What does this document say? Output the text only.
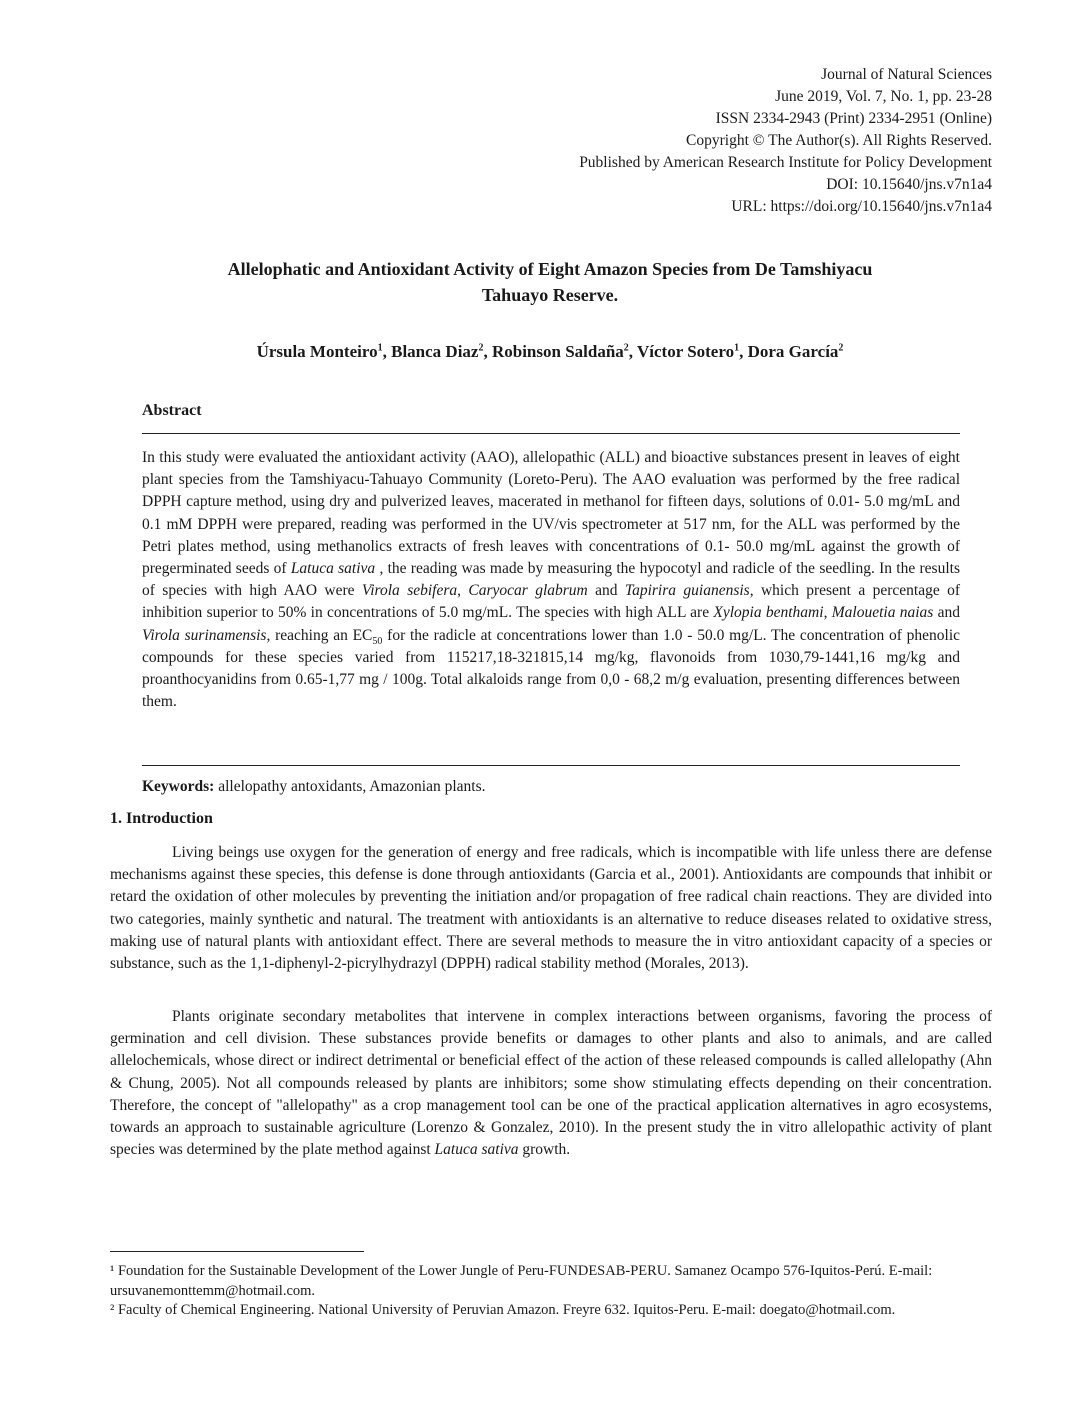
Journal of Natural Sciences
June 2019, Vol. 7, No. 1, pp. 23-28
ISSN 2334-2943 (Print) 2334-2951 (Online)
Copyright © The Author(s). All Rights Reserved.
Published by American Research Institute for Policy Development
DOI: 10.15640/jns.v7n1a4
URL: https://doi.org/10.15640/jns.v7n1a4
Allelophatic and Antioxidant Activity of Eight Amazon Species from De Tamshiyacu
Tahuayo Reserve.
Úrsula Monteiro$^1$, Blanca Diaz$^2$, Robinson Saldaña$^2$, Víctor Sotero$^1$, Dora García$^2$
Abstract
In this study were evaluated the antioxidant activity (AAO), allelopathic (ALL) and bioactive substances present in leaves of eight plant species from the Tamshiyacu-Tahuayo Community (Loreto-Peru). The AAO evaluation was performed by the free radical DPPH capture method, using dry and pulverized leaves, macerated in methanol for fifteen days, solutions of 0.01- 5.0 mg/mL and 0.1 mM DPPH were prepared, reading was performed in the UV/vis spectrometer at 517 nm, for the ALL was performed by the Petri plates method, using methanolics extracts of fresh leaves with concentrations of 0.1- 50.0 mg/mL against the growth of pregerminated seeds of Latuca sativa , the reading was made by measuring the hypocotyl and radicle of the seedling. In the results of species with high AAO were Virola sebifera, Caryocar glabrum and Tapirira guianensis, which present a percentage of inhibition superior to 50% in concentrations of 5.0 mg/mL. The species with high ALL are Xylopia benthami, Malouetia naias and Virola surinamensis, reaching an $EC_{50}$ for the radicle at concentrations lower than 1.0 - 50.0 mg/L. The concentration of phenolic compounds for these species varied from 115217,18-321815,14 mg/kg, flavonoids from 1030,79-1441,16 mg/kg and proanthocyanidins from 0.65-1,77 mg / 100g. Total alkaloids range from 0,0 - 68,2 m/g evaluation, presenting differences between them.
Keywords: allelopathy antoxidants, Amazonian plants.
1. Introduction
Living beings use oxygen for the generation of energy and free radicals, which is incompatible with life unless there are defense mechanisms against these species, this defense is done through antioxidants (Garcia et al., 2001). Antioxidants are compounds that inhibit or retard the oxidation of other molecules by preventing the initiation and/or propagation of free radical chain reactions. They are divided into two categories, mainly synthetic and natural. The treatment with antioxidants is an alternative to reduce diseases related to oxidative stress, making use of natural plants with antioxidant effect. There are several methods to measure the in vitro antioxidant capacity of a species or substance, such as the 1,1-diphenyl-2-picrylhydrazyl (DPPH) radical stability method (Morales, 2013).
Plants originate secondary metabolites that intervene in complex interactions between organisms, favoring the process of germination and cell division. These substances provide benefits or damages to other plants and also to animals, and are called allelochemicals, whose direct or indirect detrimental or beneficial effect of the action of these released compounds is called allelopathy (Ahn & Chung, 2005). Not all compounds released by plants are inhibitors; some show stimulating effects depending on their concentration. Therefore, the concept of "allelopathy" as a crop management tool can be one of the practical application alternatives in agro ecosystems, towards an approach to sustainable agriculture (Lorenzo & Gonzalez, 2010). In the present study the in vitro allelopathic activity of plant species was determined by the plate method against Latuca sativa growth.
¹ Foundation for the Sustainable Development of the Lower Jungle of Peru-FUNDESAB-PERU. Samanez Ocampo 576-Iquitos-Perú. E-mail: ursuvanemonttemm@hotmail.com.
² Faculty of Chemical Engineering. National University of Peruvian Amazon. Freyre 632. Iquitos-Peru. E-mail: doegato@hotmail.com.
